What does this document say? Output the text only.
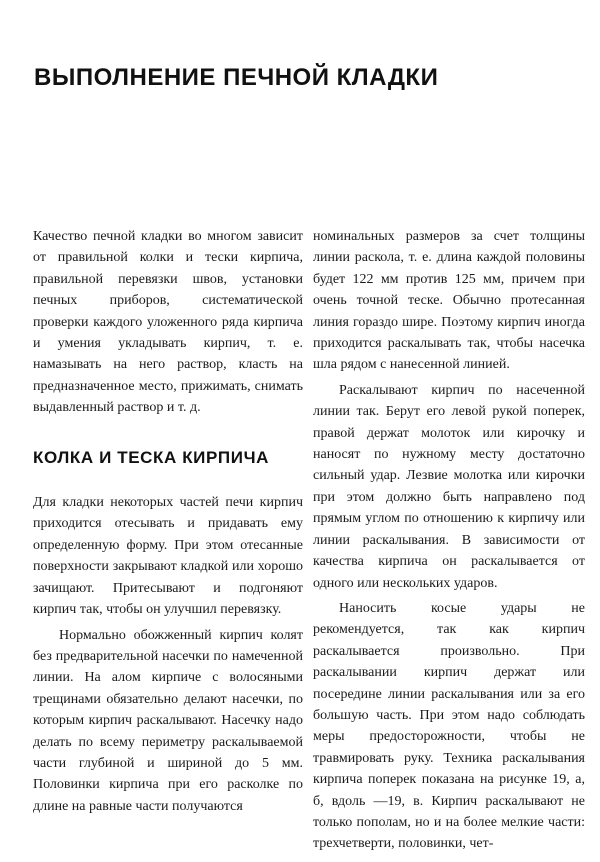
ВЫПОЛНЕНИЕ ПЕЧНОЙ КЛАДКИ

Качество печной кладки во многом зависит от правильной колки и тески кирпича, правильной перевязки швов, установки печных приборов, систематической проверки каждого уложенного ряда кирпича и умения укладывать кирпич, т. е. намазывать на него раствор, класть на предназначенное место, прижимать, снимать выдавленный раствор и т. д.

КОЛКА И ТЕСКА КИРПИЧА

Для кладки некоторых частей печи кирпич приходится отесывать и придавать ему определенную форму. При этом отесанные поверхности закрывают кладкой или хорошо зачищают. Притесывают и подгоняют кирпич так, чтобы он улучшил перевязку.

Нормально обожженный кирпич колят без предварительной насечки по намеченной линии. На алом кирпиче с волосяными трещинами обязательно делают насечки, по которым кирпич раскалывают. Насечку надо делать по всему периметру раскалываемой части глубиной и шириной до 5 мм. Половинки кирпича при его расколке по длине на равные части получаются

номинальных размеров за счет толщины линии раскола, т. е. длина каждой половины будет 122 мм против 125 мм, причем при очень точной теске. Обычно протесанная линия гораздо шире. Поэтому кирпич иногда приходится раскалывать так, чтобы насечка шла рядом с нанесенной линией.

Раскалывают кирпич по насеченной линии так. Берут его левой рукой поперек, правой держат молоток или кирочку и наносят по нужному месту достаточно сильный удар. Лезвие молотка или кирочки при этом должно быть направлено под прямым углом по отношению к кирпичу или линии раскалывания. В зависимости от качества кирпича он раскалывается от одного или нескольких ударов.

Наносить косые удары не рекомендуется, так как кирпич раскалывается произвольно. При раскалывании кирпич держат или посередине линии раскалывания или за его большую часть. При этом надо соблюдать меры предосторожности, чтобы не травмировать руку. Техника раскалывания кирпича поперек показана на рисунке 19, а, б, вдоль —19, в. Кирпич раскалывают не только пополам, но и на более мелкие части: трехчетверти, половинки, чет-
